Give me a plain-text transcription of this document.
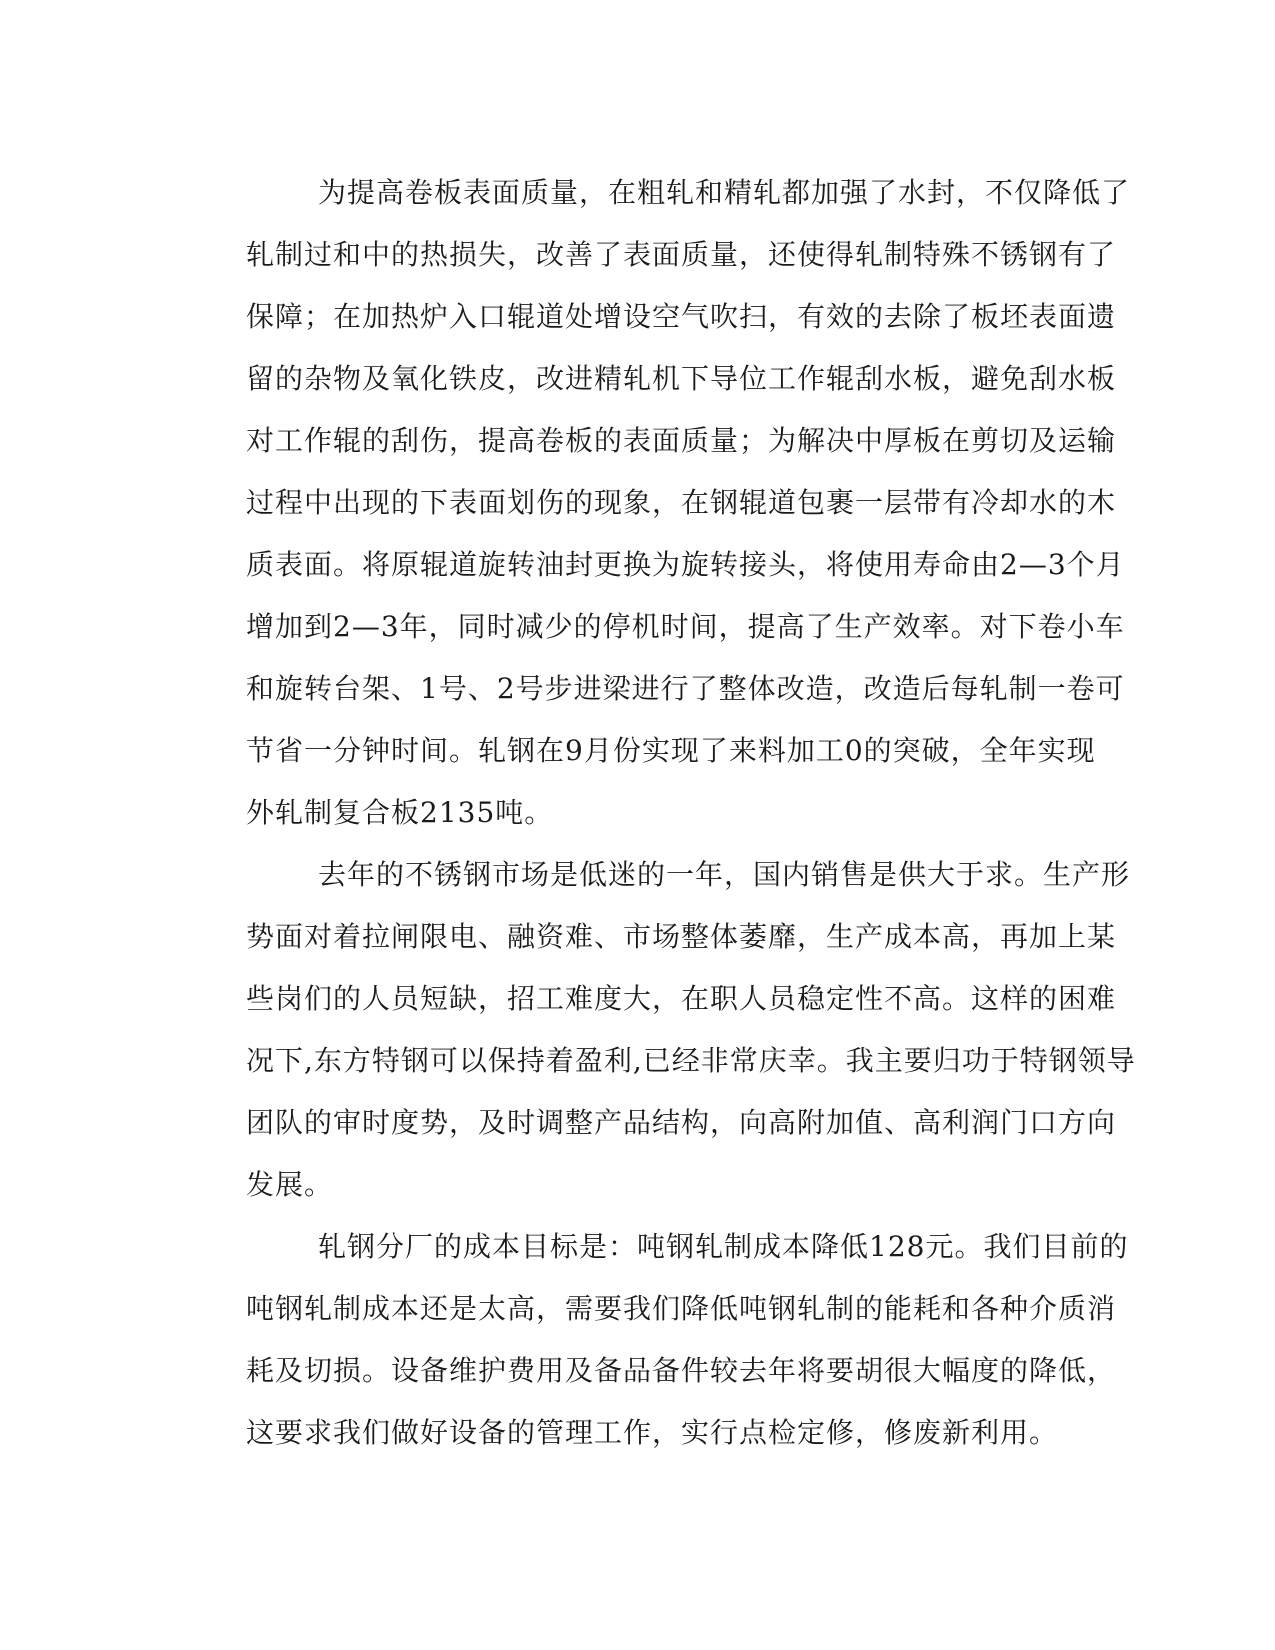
为提高卷板表面质量，在粗轧和精轧都加强了水封，不仅降低了
轧制过和中的热损失，改善了表面质量，还使得轧制特殊不锈钢有了
保障；在加热炉入口辊道处增设空气吹扫，有效的去除了板坯表面遗
留的杂物及氧化铁皮，改进精轧机下导位工作辊刮水板，避免刮水板
对工作辊的刮伤，提高卷板的表面质量；为解决中厚板在剪切及运输
过程中出现的下表面划伤的现象，在钢辊道包裹一层带有冷却水的木
质表面。将原辊道旋转油封更换为旋转接头，将使用寿命由2—3个月
增加到2—3年，同时减少的停机时间，提高了生产效率。对下卷小车
和旋转台架、1号、2号步进梁进行了整体改造，改造后每轧制一卷可
节省一分钟时间。轧钢在9月份实现了来料加工0的突破，全年实现
外轧制复合板2135吨。
去年的不锈钢市场是低迷的一年，国内销售是供大于求。生产形
势面对着拉闸限电、融资难、市场整体萎靡，生产成本高，再加上某
些岗们的人员短缺，招工难度大，在职人员稳定性不高。这样的困难
况下,东方特钢可以保持着盈利,已经非常庆幸。我主要归功于特钢领导
团队的审时度势，及时调整产品结构，向高附加值、高利润门口方向
发展。
轧钢分厂的成本目标是：吨钢轧制成本降低128元。我们目前的
吨钢轧制成本还是太高，需要我们降低吨钢轧制的能耗和各种介质消
耗及切损。设备维护费用及备品备件较去年将要胡很大幅度的降低，
这要求我们做好设备的管理工作，实行点检定修，修废新利用。
